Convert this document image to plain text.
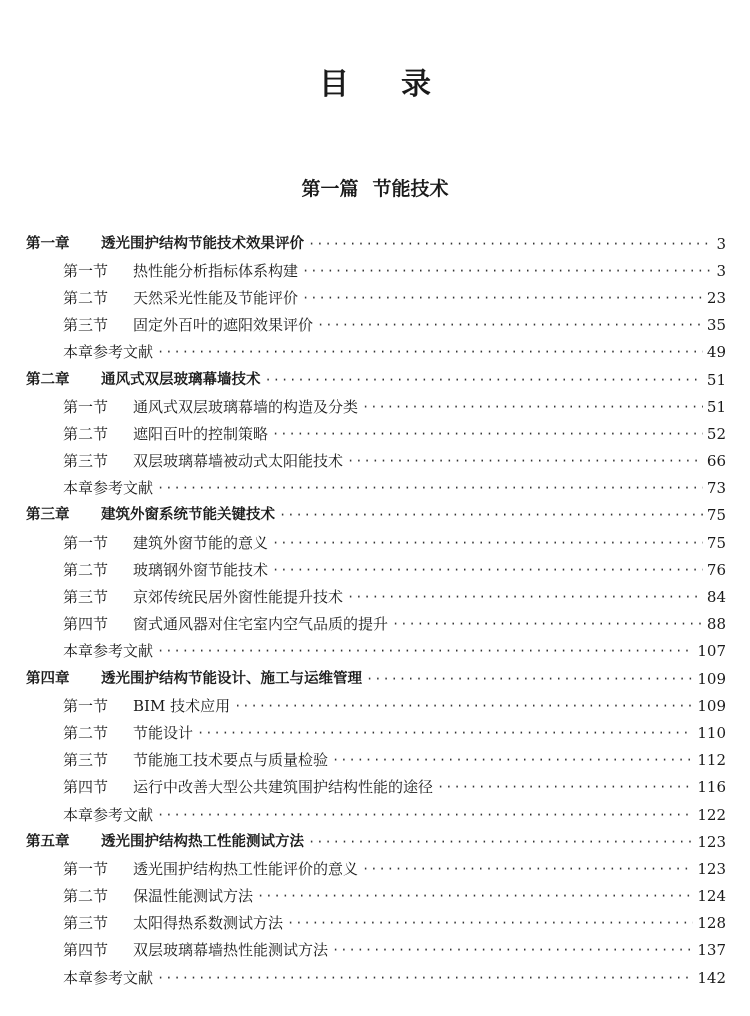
目录
第一篇 节能技术
第一章	透光围护结构节能技术效果评价 ·····	3
第一节	热性能分析指标体系构建 ·····	3
第二节	天然采光性能及节能评价 ·····	23
第三节	固定外百叶的遮阳效果评价 ·····	35
本章参考文献 ·····	49
第二章	通风式双层玻璃幕墙技术 ·····	51
第一节	通风式双层玻璃幕墙的构造及分类 ·····	51
第二节	遮阳百叶的控制策略 ·····	52
第三节	双层玻璃幕墙被动式太阳能技术 ·····	66
本章参考文献 ·····	73
第三章	建筑外窗系统节能关键技术 ·····	75
第一节	建筑外窗节能的意义 ·····	75
第二节	玻璃钢外窗节能技术 ·····	76
第三节	京郊传统民居外窗性能提升技术 ·····	84
第四节	窗式通风器对住宅室内空气品质的提升 ·····	88
本章参考文献 ·····	107
第四章	透光围护结构节能设计、施工与运维管理 ·····	109
第一节	BIM 技术应用 ·····	109
第二节	节能设计 ·····	110
第三节	节能施工技术要点与质量检验 ·····	112
第四节	运行中改善大型公共建筑围护结构性能的途径 ·····	116
本章参考文献 ·····	122
第五章	透光围护结构热工性能测试方法 ·····	123
第一节	透光围护结构热工性能评价的意义 ·····	123
第二节	保温性能测试方法 ·····	124
第三节	太阳得热系数测试方法 ·····	128
第四节	双层玻璃幕墙热性能测试方法 ·····	137
本章参考文献 ·····	142
